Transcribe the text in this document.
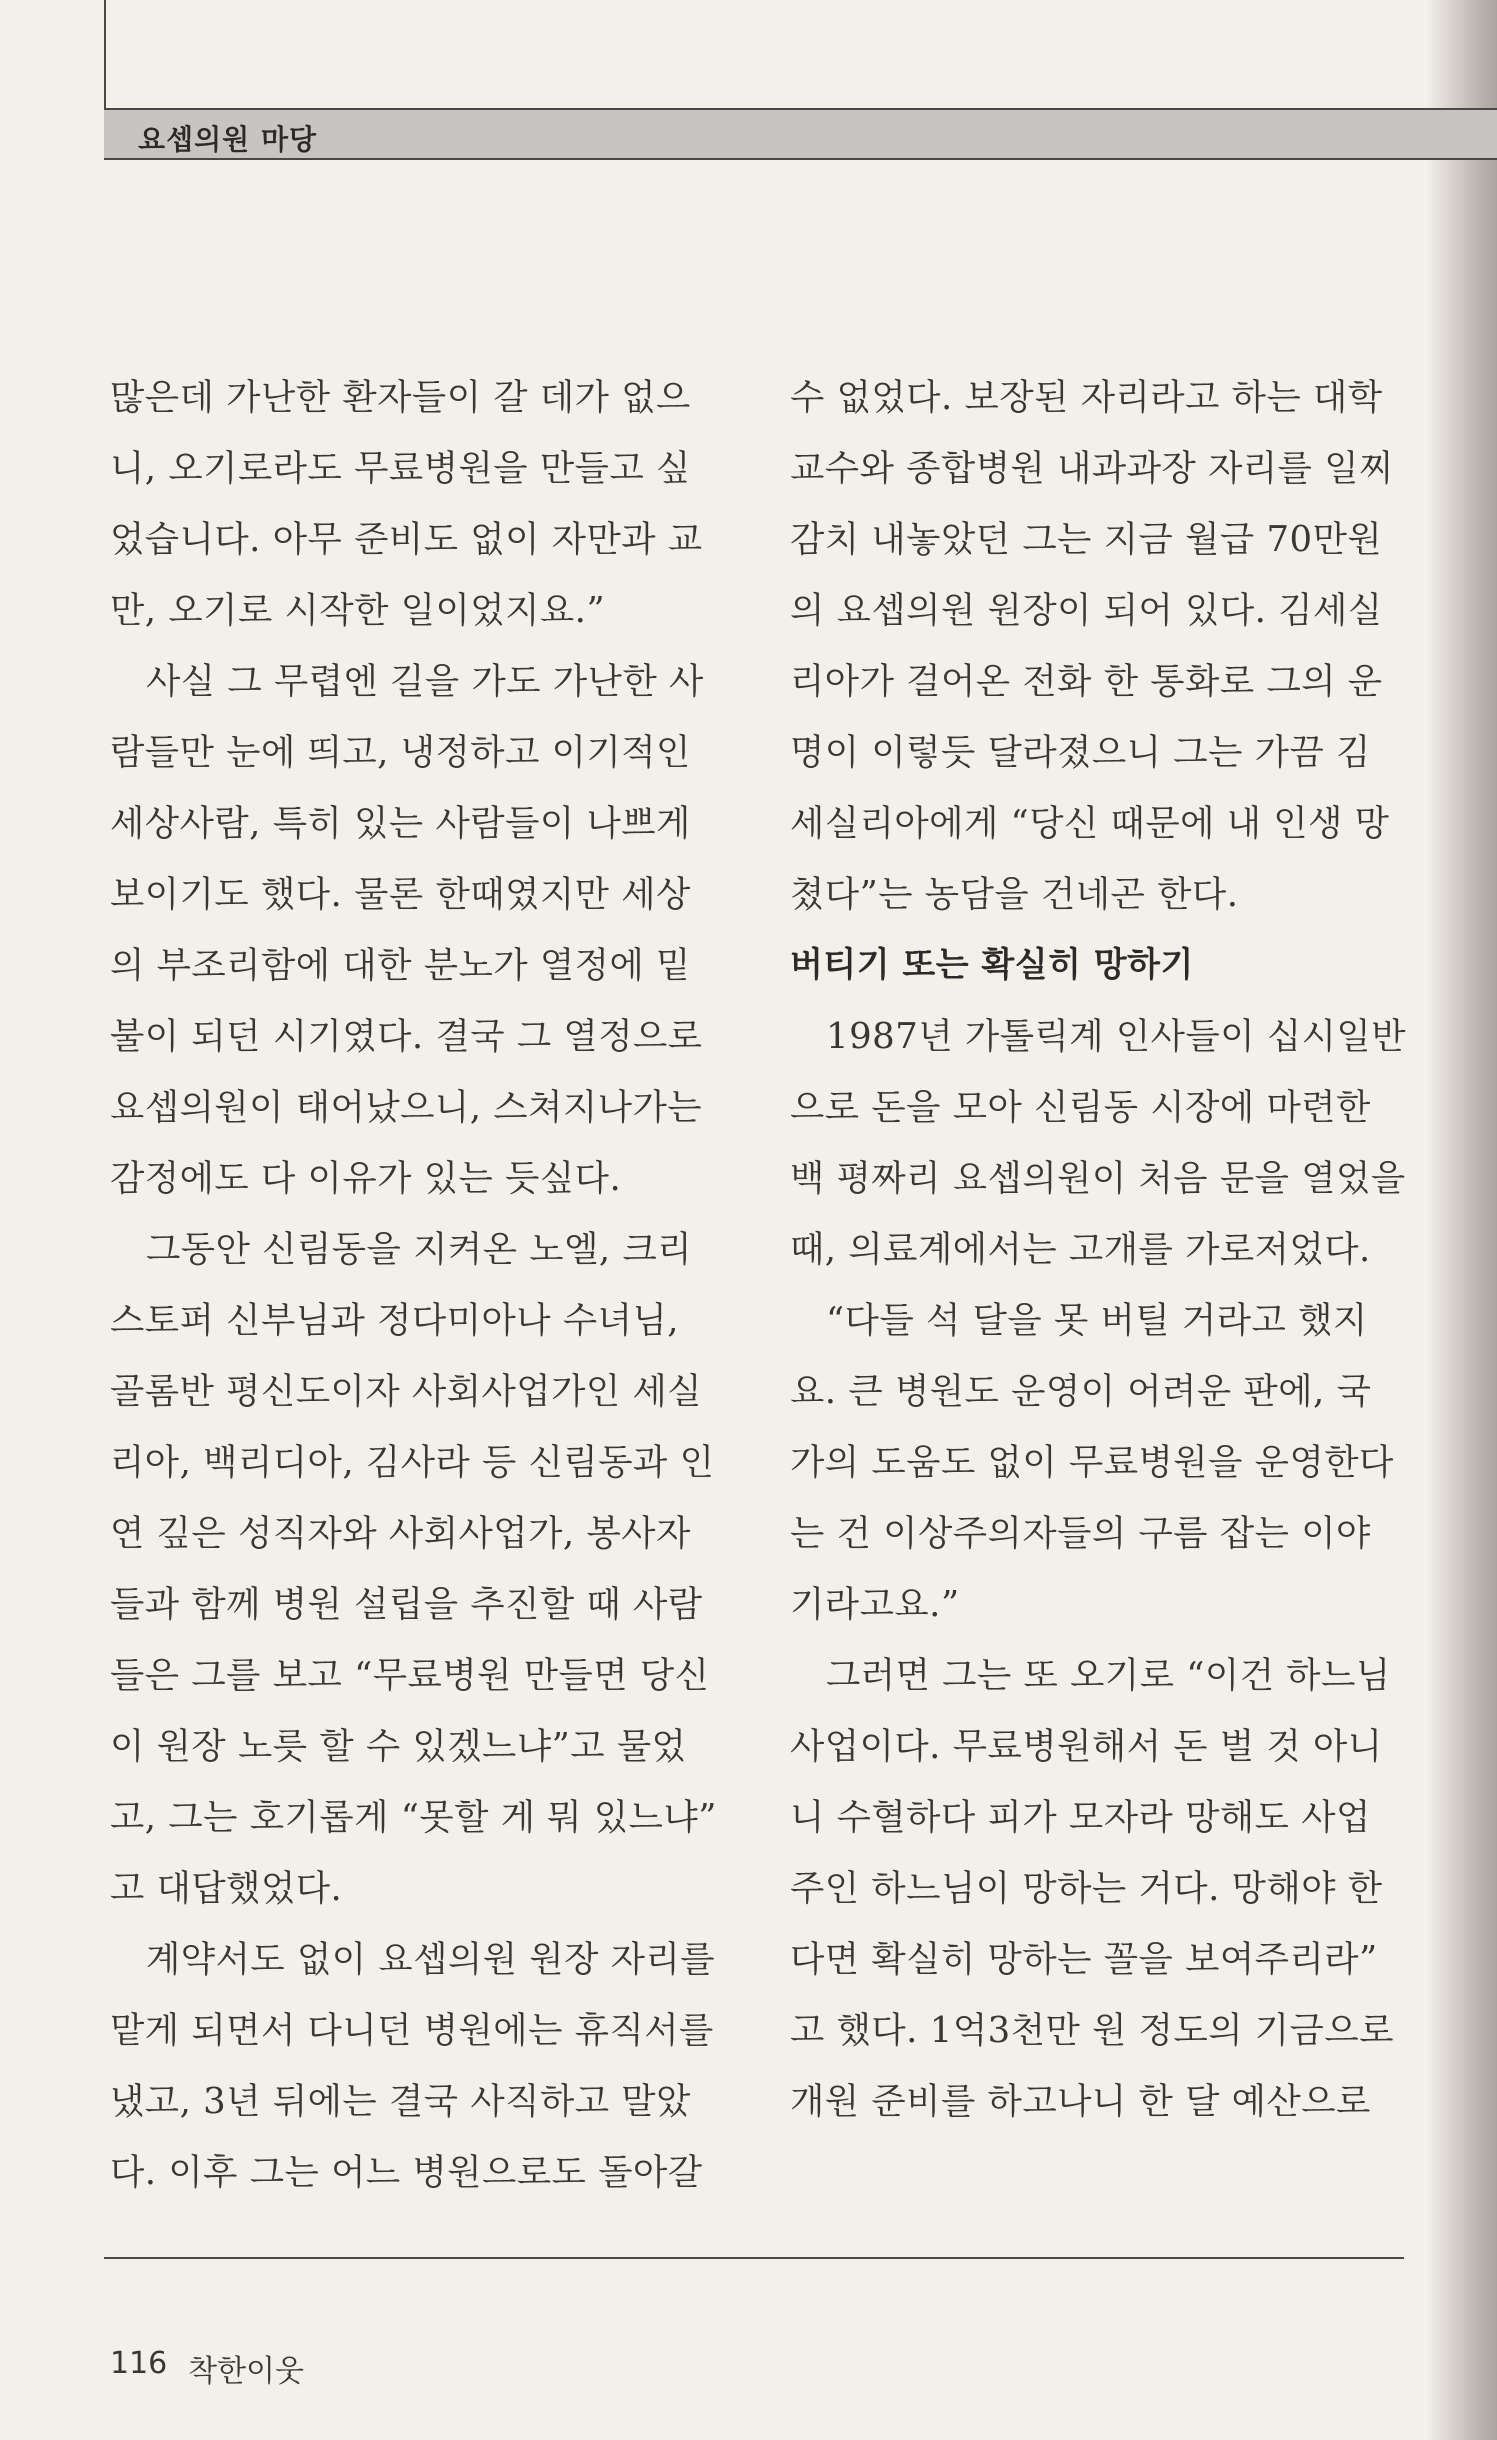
요셉의원 마당
많은데 가난한 환자들이 갈 데가 없으
니, 오기로라도 무료병원을 만들고 싶
었습니다. 아무 준비도 없이 자만과 교
만, 오기로 시작한 일이었지요.”
　사실 그 무렵엔 길을 가도 가난한 사
람들만 눈에 띄고, 냉정하고 이기적인
세상사람, 특히 있는 사람들이 나쁘게
보이기도 했다. 물론 한때였지만 세상
의 부조리함에 대한 분노가 열정에 밑
불이 되던 시기였다. 결국 그 열정으로
요셉의원이 태어났으니, 스쳐지나가는
감정에도 다 이유가 있는 듯싶다.
　그동안 신림동을 지켜온 노엘, 크리
스토퍼 신부님과 정다미아나 수녀님,
골롬반 평신도이자 사회사업가인 세실
리아, 백리디아, 김사라 등 신림동과 인
연 깊은 성직자와 사회사업가, 봉사자
들과 함께 병원 설립을 추진할 때 사람
들은 그를 보고 “무료병원 만들면 당신
이 원장 노릇 할 수 있겠느냐”고 물었
고, 그는 호기롭게 “못할 게 뭐 있느냐”
고 대답했었다.
　계약서도 없이 요셉의원 원장 자리를
맡게 되면서 다니던 병원에는 휴직서를
냈고, 3년 뒤에는 결국 사직하고 말았
다. 이후 그는 어느 병원으로도 돌아갈
수 없었다. 보장된 자리라고 하는 대학
교수와 종합병원 내과과장 자리를 일찌
감치 내놓았던 그는 지금 월급 70만원
의 요셉의원 원장이 되어 있다. 김세실
리아가 걸어온 전화 한 통화로 그의 운
명이 이렇듯 달라졌으니 그는 가끔 김
세실리아에게 “당신 때문에 내 인생 망
쳤다”는 농담을 건네곤 한다.
버티기 또는 확실히 망하기
　1987년 가톨릭계 인사들이 십시일반
으로 돈을 모아 신림동 시장에 마련한
백 평짜리 요셉의원이 처음 문을 열었을
때, 의료계에서는 고개를 가로저었다.
　“다들 석 달을 못 버틸 거라고 했지
요. 큰 병원도 운영이 어려운 판에, 국
가의 도움도 없이 무료병원을 운영한다
는 건 이상주의자들의 구름 잡는 이야
기라고요.”
　그러면 그는 또 오기로 “이건 하느님
사업이다. 무료병원해서 돈 벌 것 아니
니 수혈하다 피가 모자라 망해도 사업
주인 하느님이 망하는 거다. 망해야 한
다면 확실히 망하는 꼴을 보여주리라”
고 했다. 1억3천만 원 정도의 기금으로
개원 준비를 하고나니 한 달 예산으로
116 착한이웃
